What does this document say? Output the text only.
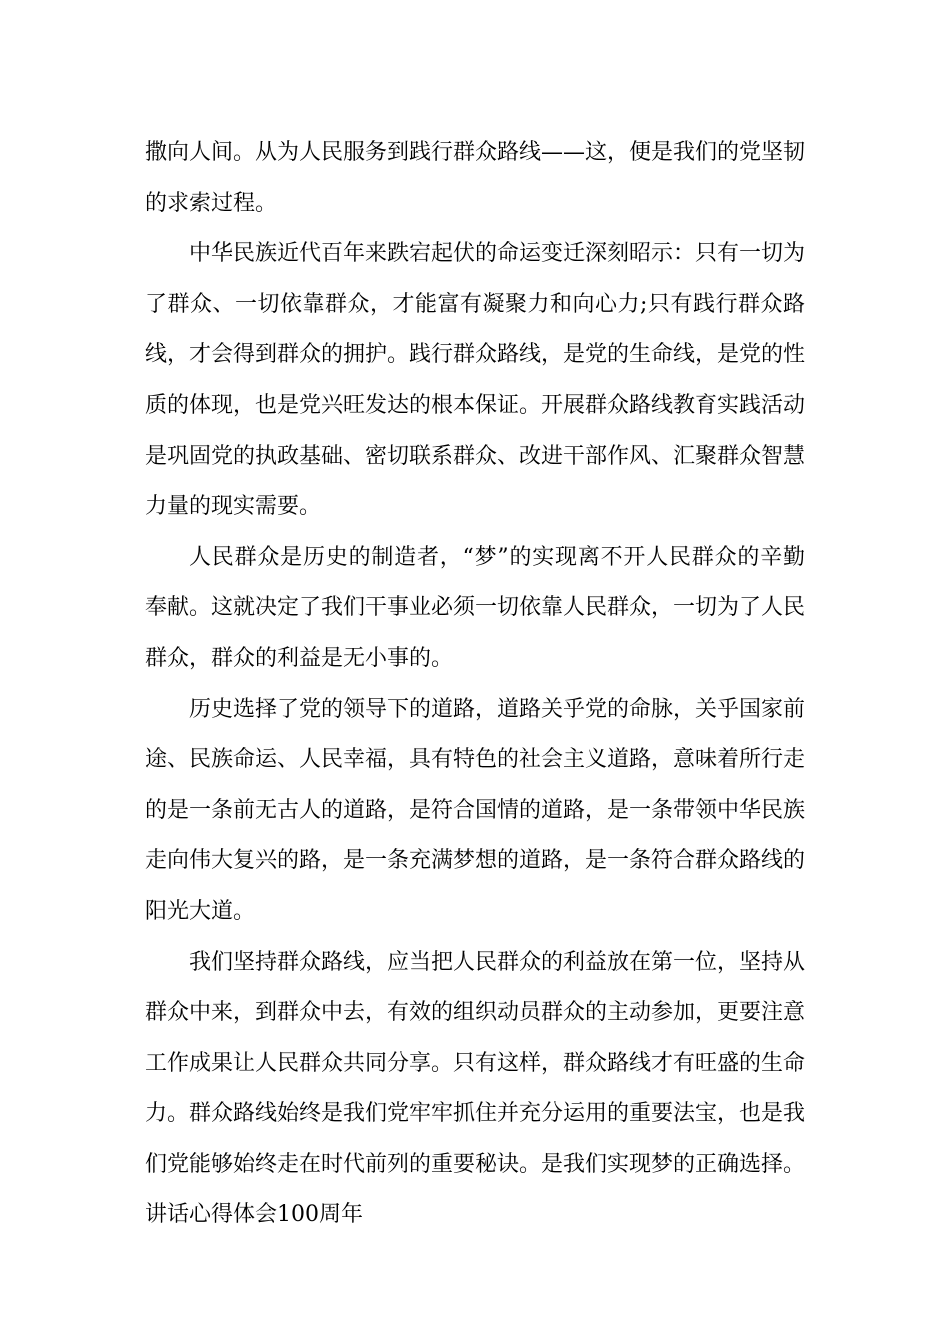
撒向人间。从为人民服务到践行群众路线——这，便是我们的党坚韧的求索过程。

中华民族近代百年来跌宕起伏的命运变迁深刻昭示：只有一切为了群众、一切依靠群众，才能富有凝聚力和向心力;只有践行群众路线，才会得到群众的拥护。践行群众路线，是党的生命线，是党的性质的体现，也是党兴旺发达的根本保证。开展群众路线教育实践活动是巩固党的执政基础、密切联系群众、改进干部作风、汇聚群众智慧力量的现实需要。

人民群众是历史的制造者，“梦”的实现离不开人民群众的辛勤奉献。这就决定了我们干事业必须一切依靠人民群众，一切为了人民群众，群众的利益是无小事的。

历史选择了党的领导下的道路，道路关乎党的命脉，关乎国家前途、民族命运、人民幸福，具有特色的社会主义道路，意味着所行走的是一条前无古人的道路，是符合国情的道路，是一条带领中华民族走向伟大复兴的路，是一条充满梦想的道路，是一条符合群众路线的阳光大道。

我们坚持群众路线，应当把人民群众的利益放在第一位，坚持从群众中来，到群众中去，有效的组织动员群众的主动参加，更要注意工作成果让人民群众共同分享。只有这样，群众路线才有旺盛的生命力。群众路线始终是我们党牢牢抓住并充分运用的重要法宝，也是我们党能够始终走在时代前列的重要秘诀。是我们实现梦的正确选择。讲话心得体会100周年
